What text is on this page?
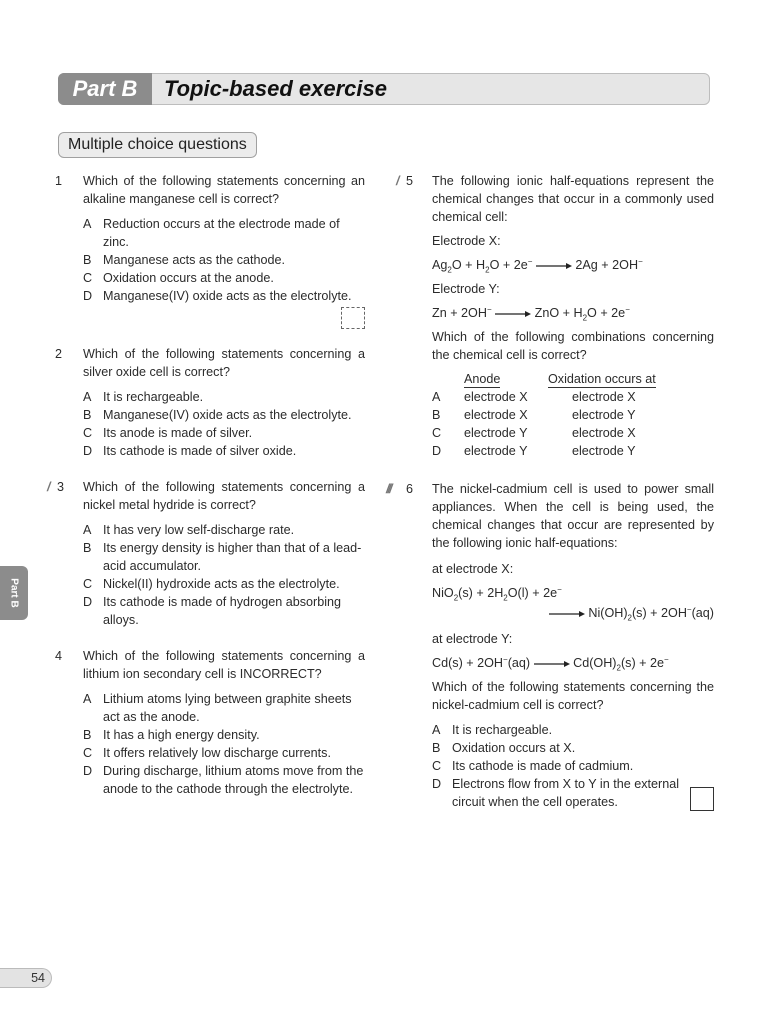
Part B	Topic-based exercise
Multiple choice questions
Part B
1	Which of the following statements concerning an alkaline manganese cell is correct?
A Reduction occurs at the electrode made of zinc.
B Manganese acts as the cathode.
C Oxidation occurs at the anode.
D Manganese(IV) oxide acts as the electrolyte.
2	Which of the following statements concerning a silver oxide cell is correct?
A It is rechargeable.
B Manganese(IV) oxide acts as the electrolyte.
C Its anode is made of silver.
D Its cathode is made of silver oxide.
/ 3	Which of the following statements concerning a nickel metal hydride is correct?
A It has very low self-discharge rate.
B Its energy density is higher than that of a lead-acid accumulator.
C Nickel(II) hydroxide acts as the electrolyte.
D Its cathode is made of hydrogen absorbing alloys.
4	Which of the following statements concerning a lithium ion secondary cell is INCORRECT?
A Lithium atoms lying between graphite sheets act as the anode.
B It has a high energy density.
C It offers relatively low discharge currents.
D During discharge, lithium atoms move from the anode to the cathode through the electrolyte.
/ 5	The following ionic half-equations represent the chemical changes that occur in a commonly used chemical cell:
Electrode X:
$Ag_2O + H_2O + 2e^-$	2Ag + 2OH−
Electrode Y:
Zn + 2OH−	ZnO + $H_2O + 2e^-$
Which of the following combinations concerning the chemical cell is correct?
	Anode	Oxidation occurs at
A	electrode X	electrode X
B	electrode X	electrode Y
C	electrode Y	electrode X
D	electrode Y	electrode Y
/// 6	The nickel-cadmium cell is used to power small appliances. When the cell is being used, the chemical changes that occur are represented by the following ionic half-equations:
at electrode X:
$NiO_2(s) + 2H_2O(l) + 2e^-$
$Ni(OH)_2(s) + 2OH^-(aq)$
at electrode Y:
Cd(s) + 2OH−(aq)	$Cd(OH)_2(s) + 2e^-$
Which of the following statements concerning the nickel-cadmium cell is correct?
A It is rechargeable.
B Oxidation occurs at X.
C Its cathode is made of cadmium.
D Electrons flow from X to Y in the external circuit when the cell operates.
54
